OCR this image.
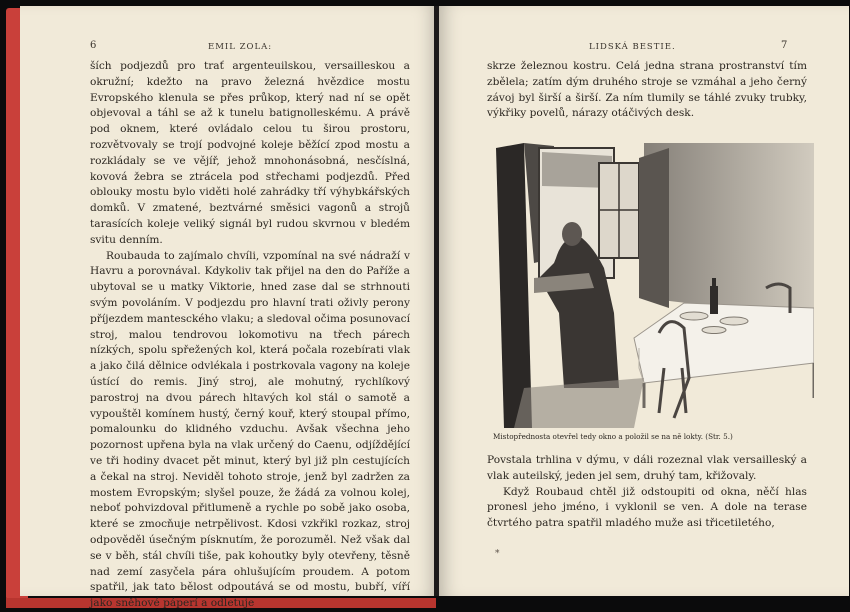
6	EMIL ZOLA:

ších podjezdů pro trať argenteuilskou, versailleskou a okružní; kdežto na pravo železná hvězdice mostu Evropského klenula se přes průkop, který nad ní se opět objevoval a táhl se až k tunelu batignolleskému. A právě pod oknem, které ovládalo celou tu širou prostoru, rozvětvovaly se trojí podvojné koleje běžící zpod mostu a rozkládaly se ve vějíř, jehož mnohonásobná, nesčíslná, kovová žebra se ztrácela pod střechami podjezdů. Před oblouky mostu bylo viděti holé zahrádky tří výhybkářských domků. V zmatené, beztvárné směsici vagonů a strojů tarasících koleje veliký signál byl rudou skvrnou v bledém svitu denním.

Roubauda to zajímalo chvíli, vzpomínal na své nádraží v Havru a porovnával. Kdykoliv tak přijel na den do Paříže a ubytoval se u matky Viktorie, hned zase dal se strhnouti svým povoláním. V podjezdu pro hlavní trati oživly perony příjezdem mantesckého vlaku; a sledoval očima posunovací stroj, malou tendrovou lokomotivu na třech párech nízkých, spolu spřežených kol, která počala rozebírati vlak a jako čilá dělnice odvlékala i postrkovala vagony na koleje ústící do remis. Jiný stroj, ale mohutný, rychlíkový parostroj na dvou párech hltavých kol stál o samotě a vypouštěl komínem hustý, černý kouř, který stoupal přímo, pomalounku do klidného vzduchu. Avšak všechna jeho pozornost upřena byla na vlak určený do Caenu, odjíždějící ve tři hodiny dvacet pět minut, který byl již pln cestujících a čekal na stroj. Neviděl tohoto stroje, jenž byl zadržen za mostem Evropským; slyšel pouze, že žádá za volnou kolej, neboť pohvizdoval přitlumeně a rychle po sobě jako osoba, které se zmocňuje netrpělivost. Kdosi vzkřikl rozkaz, stroj odpověděl úsečným písknutím, že porozuměl. Než však dal se v běh, stál chvíli tiše, pak kohoutky byly otevřeny, těsně nad zemí zasyčela pára ohlušujícím proudem. A potom spatřil, jak tato bělost odpoutává se od mostu, bubří, víří jako sněhové páperí a odletuje

LIDSKÁ BESTIE.	7

skrze železnou kostru. Celá jedna strana prostranství tím zbělela; zatím dým druhého stroje se vzmáhal a jeho černý závoj byl širší a širší. Za ním tlumily se táhlé zvuky trubky, výkřiky povelů, nárazy otáčivých desk.

Mistopřednosta otevřel tedy okno a položil se na ně lokty. (Str. 5.)

Povstala trhlina v dýmu, v dáli rozeznal vlak versailleský a vlak auteilský, jeden jel sem, druhý tam, křižovaly.

Když Roubaud chtěl již odstoupiti od okna, něčí hlas pronesl jeho jméno, i vyklonil se ven. A dole na terase čtvrtého patra spatřil mladého muže asi třicetiletého,

*
